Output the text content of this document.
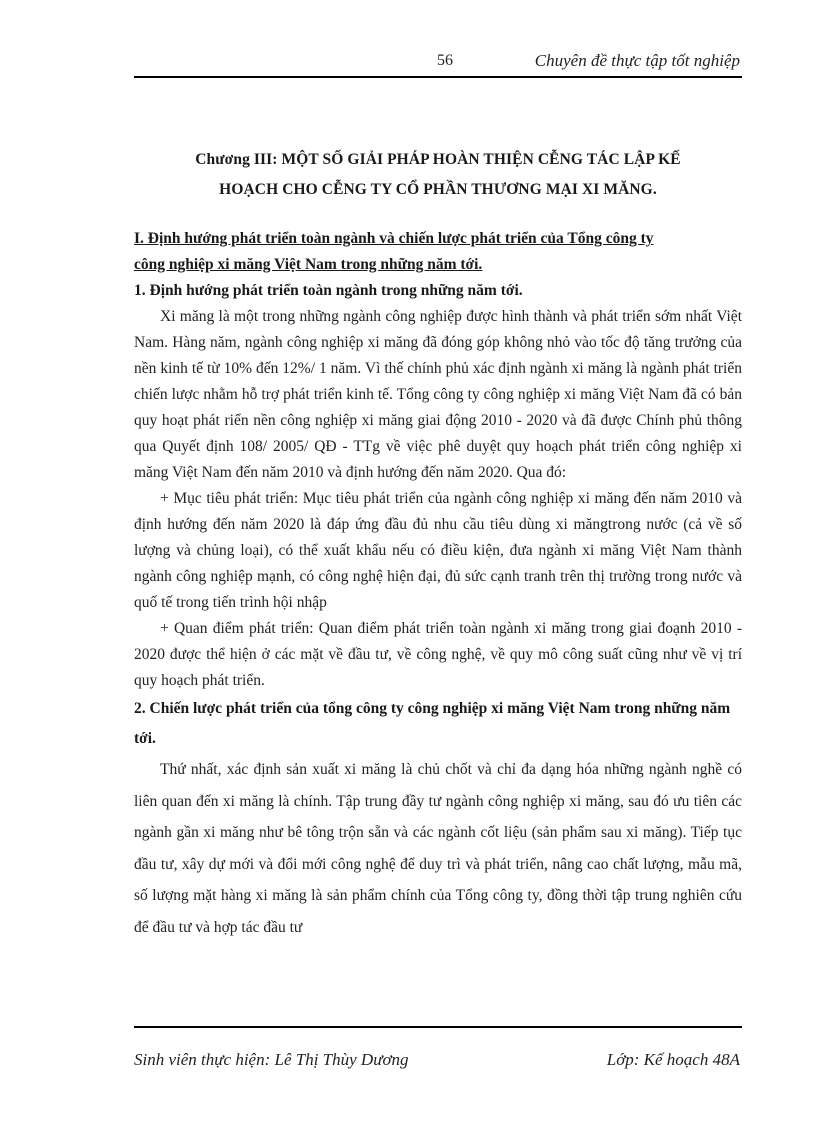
56	Chuyên đề thực tập tốt nghiệp
Chương III: MỘT SỐ GIẢI PHÁP HOÀN THIỆN CỄNG TÁC LẬP KẾ
HOẠCH CHO CỄNG TY CỔ PHẦN THƯƠNG MẠI XI MĂNG.
I. Định hướng phát triển toàn ngành và chiến lược phát triển của Tổng công ty
công nghiệp xi măng Việt Nam trong những năm tới.

1. Định hướng phát triển toàn ngành trong những năm tới.

Xi măng là một trong những ngành công nghiệp được hình thành và phát triển sớm nhất Việt Nam. Hàng năm, ngành công nghiệp xi măng đã đóng góp không nhỏ vào tốc độ tăng trưởng của nền kinh tế từ 10% đến 12%/ 1 năm. Vì thế chính phủ xác định ngành xi măng là ngành phát triển chiến lược nhằm hỗ trợ phát triển kinh tế. Tổng công ty công nghiệp xi măng Việt Nam đã có bản quy hoạt phát riển nền công nghiệp xi măng giai động 2010 - 2020 và đã được Chính phủ thông qua Quyết định 108/ 2005/ QĐ - TTg về việc phê duyệt quy hoạch phát triển công nghiệp xi măng Việt Nam đến năm 2010 và định hướng đến năm 2020. Qua đó:

+ Mục tiêu phát triển: Mục tiêu phát triển của ngành công nghiệp xi măng đến năm 2010 và định hướng đến năm 2020 là đáp ứng đầu đủ nhu cầu tiêu dùng xi măngtrong nước (cả về số lượng và chủng loại), có thể xuất khẩu nếu có điều kiện, đưa ngành xi măng Việt Nam thành ngành công nghiệp mạnh, có công nghệ hiện đại, đủ sức cạnh tranh trên thị trường trong nước và quố tế trong tiến trình hội nhập

+ Quan điểm phát triển: Quan điểm phát triển toàn ngành xi măng trong giai đoạnh 2010 - 2020 được thể hiện ở các mặt về đầu tư, về công nghệ, về quy mô công suất cũng như về vị trí quy hoạch phát triển.

2. Chiến lược phát triển của tổng công ty công nghiệp xi măng Việt Nam trong những năm tới.

Thứ nhất, xác định sản xuất xi măng là chủ chốt và chỉ đa dạng hóa những ngành nghề có liên quan đến xi măng là chính. Tập trung đầy tư ngành công nghiệp xi măng, sau đó ưu tiên các ngành gần xi măng như bê tông trộn sẵn và các ngành cốt liệu (sản phẩm sau xi măng). Tiếp tục đầu tư, xây dự mới và đổi mới công nghệ để duy trì và phát triển, nâng cao chất lượng, mẫu mã, số lượng mặt hàng xi măng là sản phẩm chính của Tổng công ty, đồng thời tập trung nghiên cứu để đầu tư và hợp tác đầu tư

Sinh viên thực hiện: Lê Thị Thùy Dương	Lớp: Kế hoạch 48A
